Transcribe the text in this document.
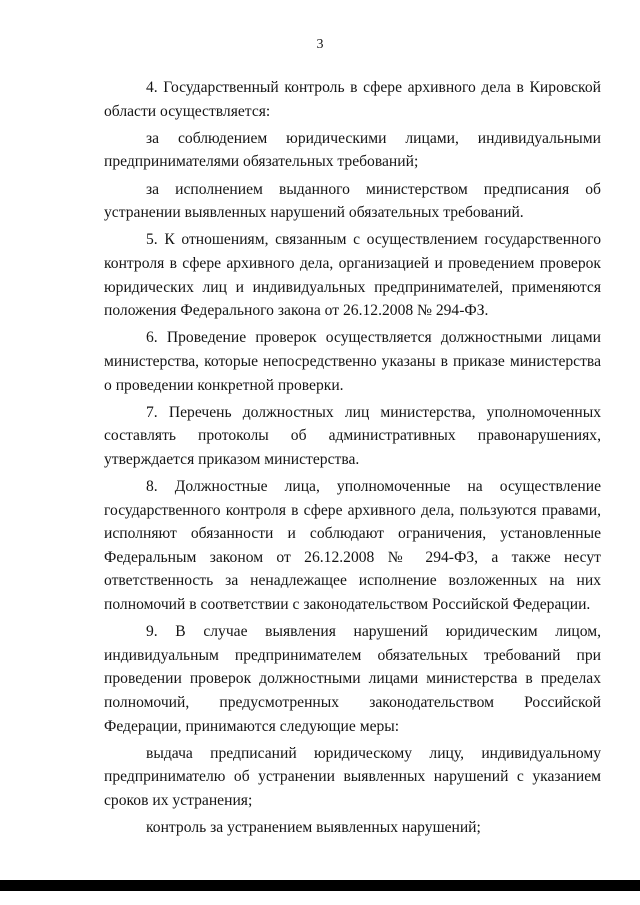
3

4. Государственный контроль в сфере архивного дела в Кировской области осуществляется:

за соблюдением юридическими лицами, индивидуальными предпринимателями обязательных требований;

за исполнением выданного министерством предписания об устранении выявленных нарушений обязательных требований.

5. К отношениям, связанным с осуществлением государственного контроля в сфере архивного дела, организацией и проведением проверок юридических лиц и индивидуальных предпринимателей, применяются положения Федерального закона от 26.12.2008 № 294-ФЗ.

6. Проведение проверок осуществляется должностными лицами министерства, которые непосредственно указаны в приказе министерства о проведении конкретной проверки.

7. Перечень должностных лиц министерства, уполномоченных составлять протоколы об административных правонарушениях, утверждается приказом министерства.

8. Должностные лица, уполномоченные на осуществление государственного контроля в сфере архивного дела, пользуются правами, исполняют обязанности и соблюдают ограничения, установленные Федеральным законом от 26.12.2008 № 294-ФЗ, а также несут ответственность за ненадлежащее исполнение возложенных на них полномочий в соответствии с законодательством Российской Федерации.

9. В случае выявления нарушений юридическим лицом, индивидуальным предпринимателем обязательных требований при проведении проверок должностными лицами министерства в пределах полномочий, предусмотренных законодательством Российской Федерации, принимаются следующие меры:

выдача предписаний юридическому лицу, индивидуальному предпринимателю об устранении выявленных нарушений с указанием сроков их устранения;

контроль за устранением выявленных нарушений;
